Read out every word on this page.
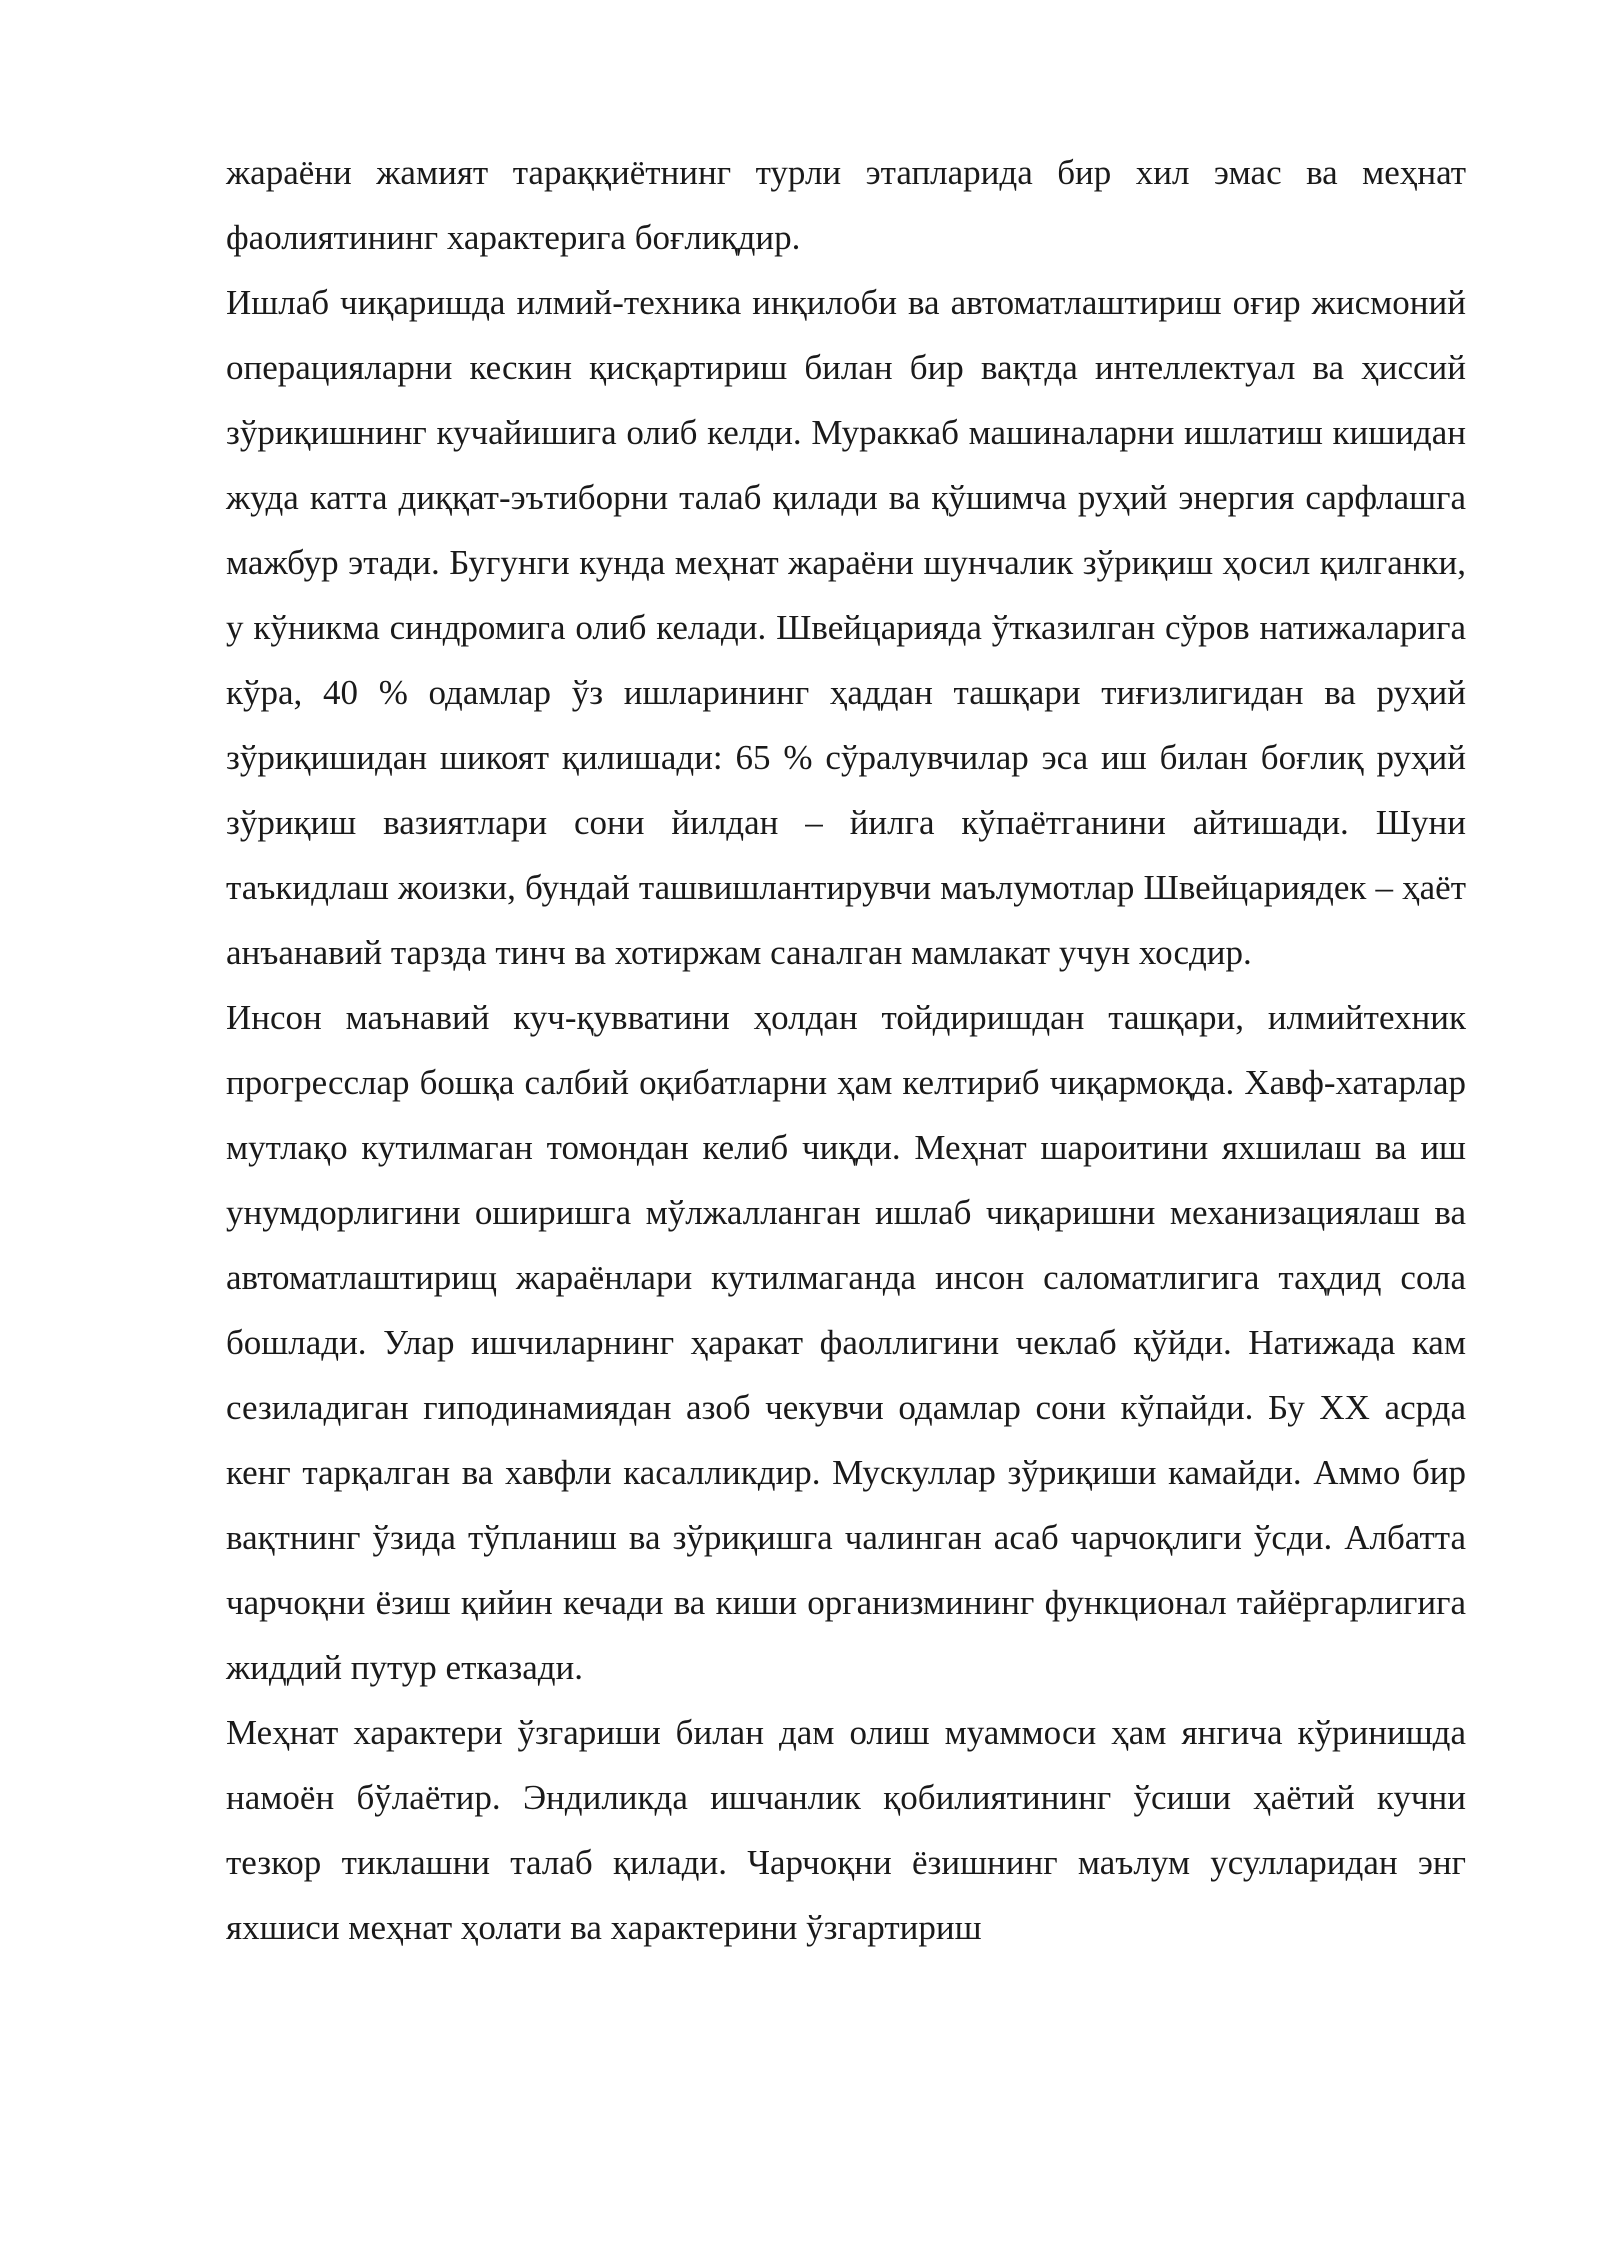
жараёни жамият тараққиётнинг турли этапларида бир хил эмас ва меҳнат фаолиятининг характерига боғлиқдир.

Ишлаб чиқаришда илмий-техника инқилоби ва автоматлаштириш оғир жисмоний операцияларни кескин қисқартириш билан бир вақтда интеллектуал ва ҳиссий зўриқишнинг кучайишига олиб келди. Мураккаб машиналарни ишлатиш кишидан жуда катта диққат-эътиборни талаб қилади ва қўшимча руҳий энергия сарфлашга мажбур этади. Бугунги кунда меҳнат жараёни шунчалик зўриқиш ҳосил қилганки, у кўникма синдромига олиб келади. Швейцарияда ўтказилган сўров натижаларига кўра, 40 % одамлар ўз ишларининг ҳаддан ташқари тиғизлигидан ва руҳий зўриқишидан шикоят қилишади: 65 % сўралувчилар эса иш билан боғлиқ руҳий зўриқиш вазиятлари сони йилдан – йилга кўпаётганини айтишади. Шуни таъкидлаш жоизки, бундай ташвишлантирувчи маълумотлар Швейцариядек – ҳаёт анъанавий тарзда тинч ва хотиржам саналган мамлакат учун хосдир.

Инсон маънавий куч-қувватини ҳолдан тойдиришдан ташқари, илмийтехник прогресслар бошқа салбий оқибатларни ҳам келтириб чиқармоқда. Хавф-хатарлар мутлақо кутилмаган томондан келиб чиқди. Меҳнат шароитини яхшилаш ва иш унумдорлигини оширишга мўлжалланган ишлаб чиқаришни механизациялаш ва автоматлаштирищ жараёнлари кутилмаганда инсон саломатлигига таҳдид сола бошлади. Улар ишчиларнинг ҳаракат фаоллигини чеклаб қўйди. Натижада кам сезиладиган гиподинамиядан азоб чекувчи одамлар сони кўпайди. Бу ХХ асрда кенг тарқалган ва хавфли касалликдир. Мускуллар зўриқиши камайди. Аммо бир вақтнинг ўзида тўпланиш ва зўриқишга чалинган асаб чарчоқлиги ўсди. Албатта чарчоқни ёзиш қийин кечади ва киши организмининг функционал тайёргарлигига жиддий путур етказади.

Меҳнат характери ўзгариши билан дам олиш муаммоси ҳам янгича кўринишда намоён бўлаётир. Эндиликда ишчанлик қобилиятининг ўсиши ҳаётий кучни тезкор тиклашни талаб қилади. Чарчоқни ёзишнинг маълум усулларидан энг яхшиси меҳнат ҳолати ва характерини ўзгартириш
